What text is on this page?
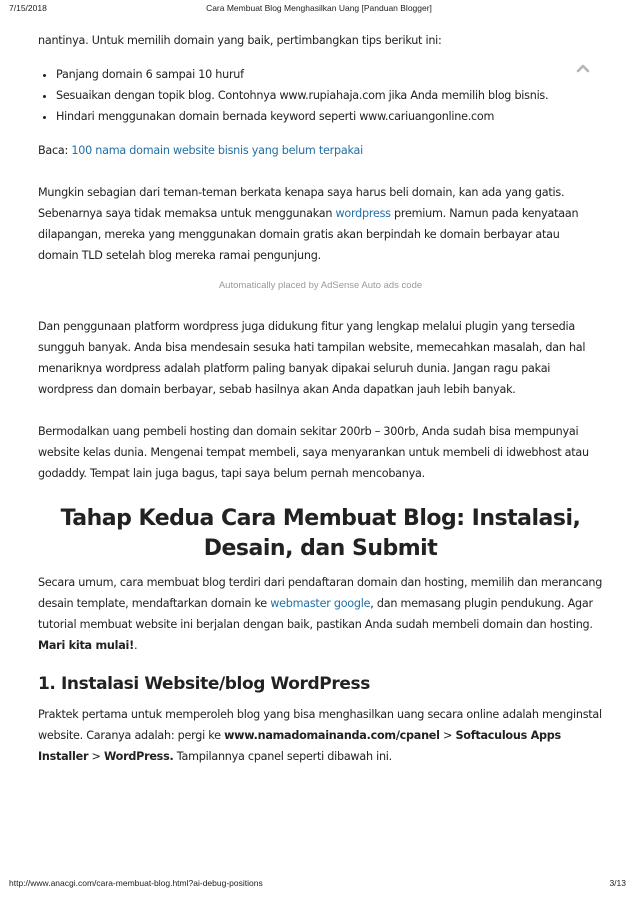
7/15/2018	Cara Membuat Blog Menghasilkan Uang [Panduan Blogger]

nantinya. Untuk memilih domain yang baik, pertimbangkan tips berikut ini:

• Panjang domain 6 sampai 10 huruf
• Sesuaikan dengan topik blog. Contohnya www.rupiahaja.com jika Anda memilih blog bisnis.
• Hindari menggunakan domain bernada keyword seperti www.cariuangonline.com

Baca: 100 nama domain website bisnis yang belum terpakai

Mungkin sebagian dari teman-teman berkata kenapa saya harus beli domain, kan ada yang gatis. Sebenarnya saya tidak memaksa untuk menggunakan wordpress premium. Namun pada kenyataan dilapangan, mereka yang menggunakan domain gratis akan berpindah ke domain berbayar atau domain TLD setelah blog mereka ramai pengunjung.

Automatically placed by AdSense Auto ads code

Dan penggunaan platform wordpress juga didukung fitur yang lengkap melalui plugin yang tersedia sungguh banyak. Anda bisa mendesain sesuka hati tampilan website, memecahkan masalah, dan hal menariknya wordpress adalah platform paling banyak dipakai seluruh dunia. Jangan ragu pakai wordpress dan domain berbayar, sebab hasilnya akan Anda dapatkan jauh lebih banyak.

Bermodalkan uang pembeli hosting dan domain sekitar 200rb – 300rb, Anda sudah bisa mempunyai website kelas dunia. Mengenai tempat membeli, saya menyarankan untuk membeli di idwebhost atau godaddy. Tempat lain juga bagus, tapi saya belum pernah mencobanya.

Tahap Kedua Cara Membuat Blog: Instalasi, Desain, dan Submit

Secara umum, cara membuat blog terdiri dari pendaftaran domain dan hosting, memilih dan merancang desain template, mendaftarkan domain ke webmaster google, dan memasang plugin pendukung. Agar tutorial membuat website ini berjalan dengan baik, pastikan Anda sudah membeli domain dan hosting. Mari kita mulai!.

1. Instalasi Website/blog WordPress

Praktek pertama untuk memperoleh blog yang bisa menghasilkan uang secara online adalah menginstal website. Caranya adalah: pergi ke www.namadomainanda.com/cpanel > Softaculous Apps Installer > WordPress. Tampilannya cpanel seperti dibawah ini.

http://www.anacgi.com/cara-membuat-blog.html?ai-debug-positions	3/13
